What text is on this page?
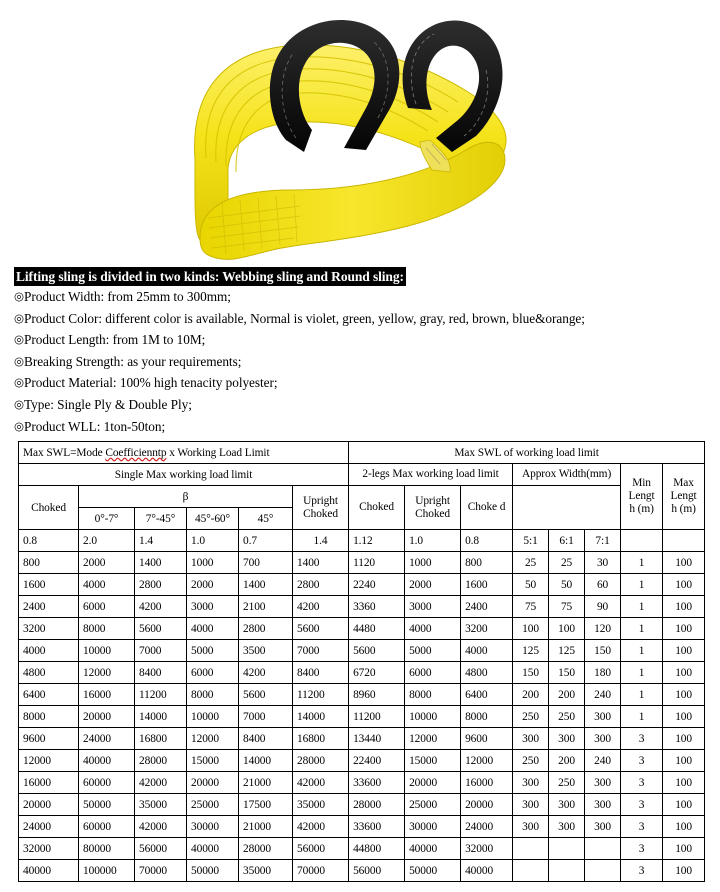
Lifting sling is divided in two kinds: Webbing sling and Round sling:
◎Product Width: from 25mm to 300mm;
◎Product Color: different color is available, Normal is violet, green, yellow, gray, red, brown, blue&orange;
◎Product Length: from 1M to 10M;
◎Breaking Strength: as your requirements;
◎Product Material: 100% high tenacity polyester;
◎Type: Single Ply & Double Ply;
◎Product WLL: 1ton-50ton;
Max SWL=Mode Coefficienntp x Working Load Limit						Max SWL of working load limit							
Single Max working load limit						2-legs Max working load limit			Approx Width(mm)			Min Lengt h (m)	Max Lengt h (m)
Choked	β				Upright Choked	Choked	Upright Choked	Choke d					
	0°-7°	7°-45°	45°-60°	45°									
0.8	2.0	1.4	1.0	0.7	1.4	1.12	1.0	0.8	5:1	6:1	7:1		
800	2000	1400	1000	700	1400	1120	1000	800	25	25	30	1	100
1600	4000	2800	2000	1400	2800	2240	2000	1600	50	50	60	1	100
2400	6000	4200	3000	2100	4200	3360	3000	2400	75	75	90	1	100
3200	8000	5600	4000	2800	5600	4480	4000	3200	100	100	120	1	100
4000	10000	7000	5000	3500	7000	5600	5000	4000	125	125	150	1	100
4800	12000	8400	6000	4200	8400	6720	6000	4800	150	150	180	1	100
6400	16000	11200	8000	5600	11200	8960	8000	6400	200	200	240	1	100
8000	20000	14000	10000	7000	14000	11200	10000	8000	250	250	300	1	100
9600	24000	16800	12000	8400	16800	13440	12000	9600	300	300	300	3	100
12000	40000	28000	15000	14000	28000	22400	15000	12000	250	200	240	3	100
16000	60000	42000	20000	21000	42000	33600	20000	16000	300	250	300	3	100
20000	50000	35000	25000	17500	35000	28000	25000	20000	300	300	300	3	100
24000	60000	42000	30000	21000	42000	33600	30000	24000	300	300	300	3	100
32000	80000	56000	40000	28000	56000	44800	40000	32000				3	100
40000	100000	70000	50000	35000	70000	56000	50000	40000				3	100
